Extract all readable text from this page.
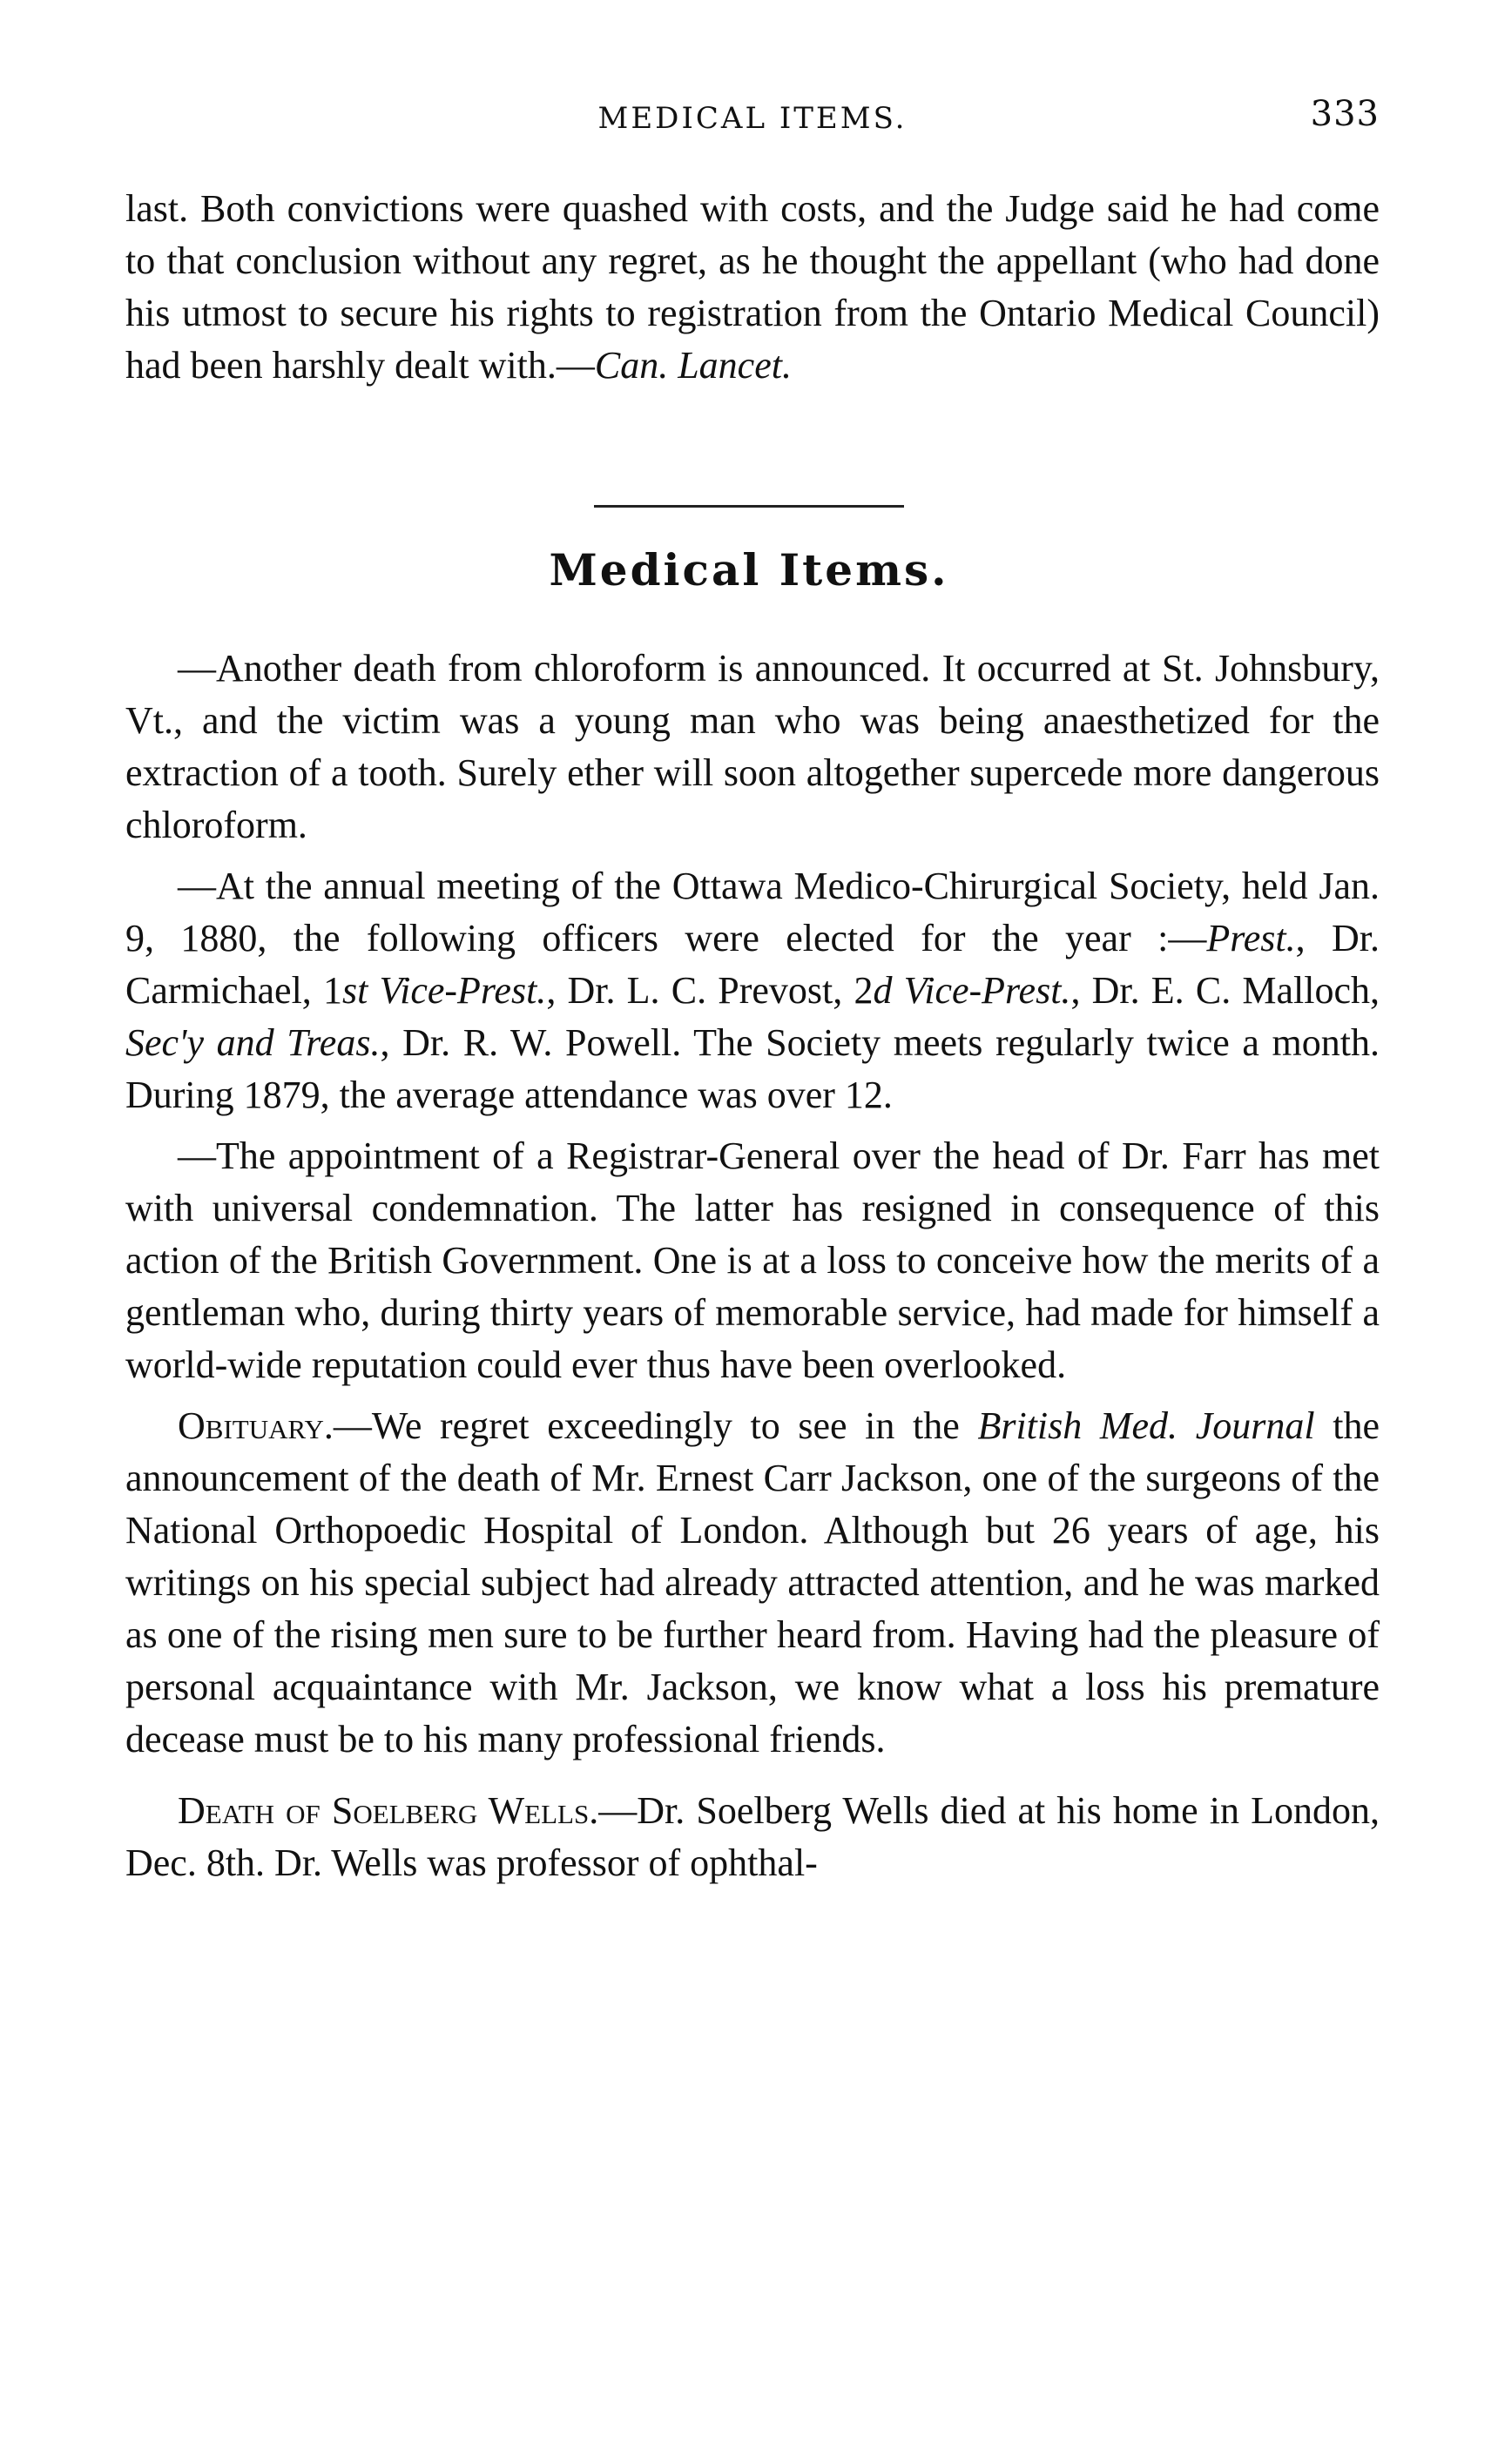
MEDICAL ITEMS.	333

last. Both convictions were quashed with costs, and the Judge said he had come to that conclusion without any regret, as he thought the appellant (who had done his utmost to secure his rights to registration from the Ontario Medical Council) had been harshly dealt with.—Can. Lancet.

Medical Items.

—Another death from chloroform is announced. It occurred at St. Johnsbury, Vt., and the victim was a young man who was being anaesthetized for the extraction of a tooth. Surely ether will soon altogether supercede more dangerous chloroform.

—At the annual meeting of the Ottawa Medico-Chirurgical Society, held Jan. 9, 1880, the following officers were elected for the year :—Prest., Dr. Carmichael, 1st Vice-Prest., Dr. L. C. Prevost, 2d Vice-Prest., Dr. E. C. Malloch, Sec'y and Treas., Dr. R. W. Powell. The Society meets regularly twice a month. During 1879, the average attendance was over 12.

—The appointment of a Registrar-General over the head of Dr. Farr has met with universal condemnation. The latter has resigned in consequence of this action of the British Government. One is at a loss to conceive how the merits of a gentleman who, during thirty years of memorable service, had made for himself a world-wide reputation could ever thus have been overlooked.

Obituary.—We regret exceedingly to see in the British Med. Journal the announcement of the death of Mr. Ernest Carr Jackson, one of the surgeons of the National Orthopoedic Hospital of London. Although but 26 years of age, his writings on his special subject had already attracted attention, and he was marked as one of the rising men sure to be further heard from. Having had the pleasure of personal acquaintance with Mr. Jackson, we know what a loss his premature decease must be to his many professional friends.

Death of Soelberg Wells.—Dr. Soelberg Wells died at his home in London, Dec. 8th. Dr. Wells was professor of ophthal-
